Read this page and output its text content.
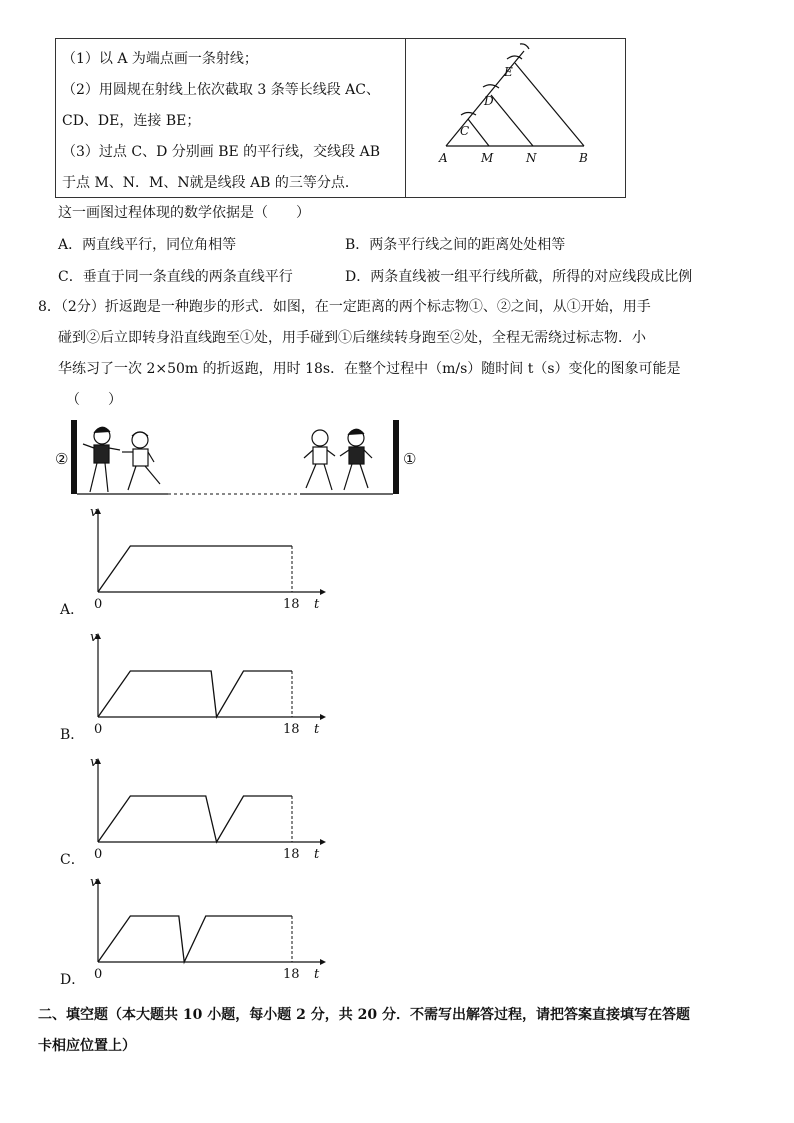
（1）以 A 为端点画一条射线；
（2）用圆规在射线上依次截取 3 条等长线段 AC、
CD、DE，连接 BE；
（3）过点 C、D 分别画 BE 的平行线，交线段 AB
于点 M、N．M、N就是线段 AB 的三等分点．
A	M	N	B
C
D
E
这一画图过程体现的数学依据是（　　）
A．两直线平行，同位角相等	B．两条平行线之间的距离处处相等
C．垂直于同一条直线的两条直线平行	D．两条直线被一组平行线所截，所得的对应线段成比例
8．（2分）折返跑是一种跑步的形式．如图，在一定距离的两个标志物①、②之间，从①开始，用手
碰到②后立即转身沿直线跑至①处，用手碰到①后继续转身跑至②处，全程无需绕过标志物．小
华练习了一次 2×50m 的折返跑，用时 18s．在整个过程中（m/s）随时间 t（s）变化的图象可能是
（　　）
②	①
v
t
0	18
A．
v
t
0	18
B．
v
t
0	18
C．
v
t
0	18
D．
二、填空题（本大题共 10 小题，每小题 2 分，共 20 分．不需写出解答过程，请把答案直接填写在答题
卡相应位置上）
